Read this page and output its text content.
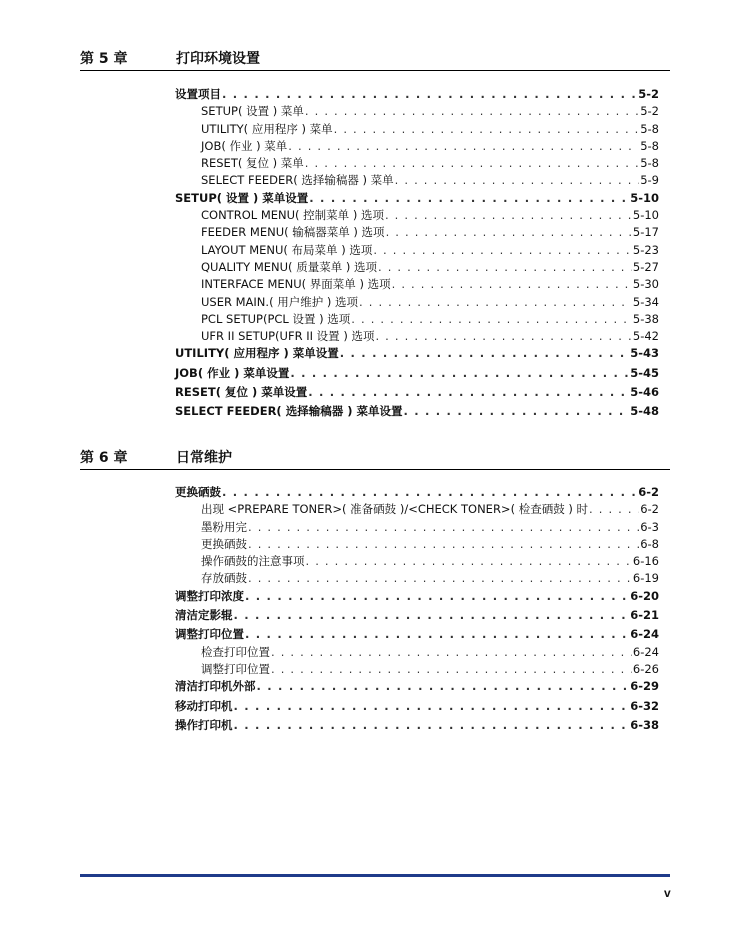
第 5 章	打印环境设置
设置项目 . . .	5-2
SETUP( 设置 ) 菜单 . . .	5-2
UTILITY( 应用程序 ) 菜单 . . .	5-8
JOB( 作业 ) 菜单 . . .	5-8
RESET( 复位 ) 菜单 . . .	5-8
SELECT FEEDER( 选择输稿器 ) 菜单 . . .	5-9
SETUP( 设置 ) 菜单设置 . . .	5-10
CONTROL MENU( 控制菜单 ) 选项 . . .	5-10
FEEDER MENU( 输稿器菜单 ) 选项 . . .	5-17
LAYOUT MENU( 布局菜单 ) 选项 . . .	5-23
QUALITY MENU( 质量菜单 ) 选项 . . .	5-27
INTERFACE MENU( 界面菜单 ) 选项 . . .	5-30
USER MAIN.( 用户维护 ) 选项 . . .	5-34
PCL SETUP(PCL 设置 ) 选项 . . .	5-38
UFR II SETUP(UFR II 设置 ) 选项 . . .	5-42
UTILITY( 应用程序 ) 菜单设置 . . .	5-43
JOB( 作业 ) 菜单设置 . . .	5-45
RESET( 复位 ) 菜单设置 . . .	5-46
SELECT FEEDER( 选择输稿器 ) 菜单设置 . . .	5-48
第 6 章	日常维护
更换硒鼓 . . .	6-2
出现 <PREPARE TONER>( 准备硒鼓 )/<CHECK TONER>( 检查硒鼓 ) 时 . . .	6-2
墨粉用完 . . .	6-3
更换硒鼓 . . .	6-8
操作硒鼓的注意事项 . . .	6-16
存放硒鼓 . . .	6-19
调整打印浓度 . . .	6-20
清洁定影辊 . . .	6-21
调整打印位置 . . .	6-24
检查打印位置 . . .	6-24
调整打印位置 . . .	6-26
清洁打印机外部 . . .	6-29
移动打印机 . . .	6-32
操作打印机 . . .	6-38
v
